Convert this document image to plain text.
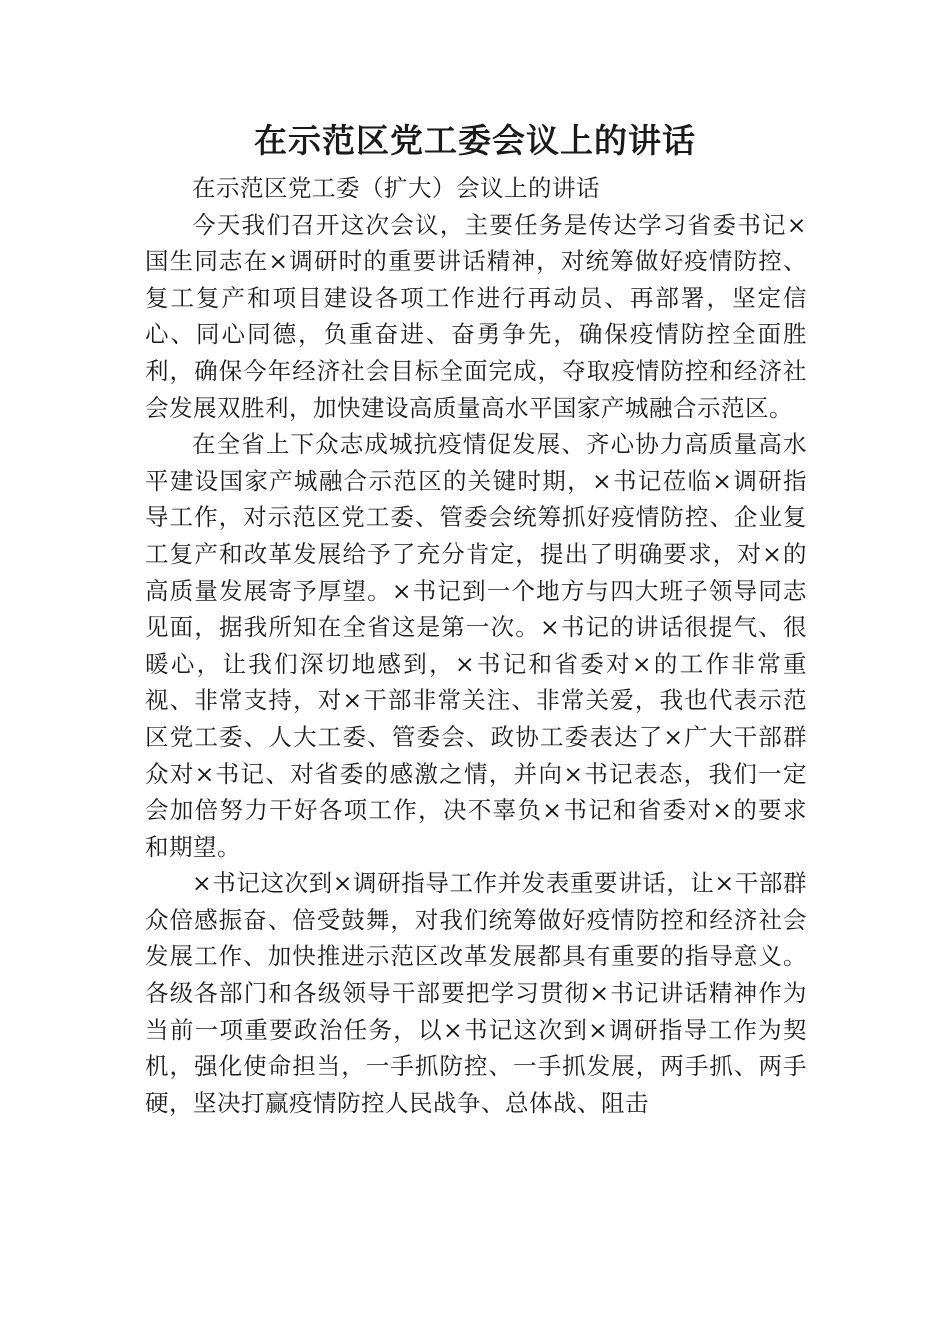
在示范区党工委会议上的讲话

在示范区党工委（扩大）会议上的讲话

今天我们召开这次会议，主要任务是传达学习省委书记×国生同志在×调研时的重要讲话精神，对统筹做好疫情防控、复工复产和项目建设各项工作进行再动员、再部署，坚定信心、同心同德，负重奋进、奋勇争先，确保疫情防控全面胜利，确保今年经济社会目标全面完成，夺取疫情防控和经济社会发展双胜利，加快建设高质量高水平国家产城融合示范区。

在全省上下众志成城抗疫情促发展、齐心协力高质量高水平建设国家产城融合示范区的关键时期，×书记莅临×调研指导工作，对示范区党工委、管委会统筹抓好疫情防控、企业复工复产和改革发展给予了充分肯定，提出了明确要求，对×的高质量发展寄予厚望。×书记到一个地方与四大班子领导同志见面，据我所知在全省这是第一次。×书记的讲话很提气、很暖心，让我们深切地感到，×书记和省委对×的工作非常重视、非常支持，对×干部非常关注、非常关爱，我也代表示范区党工委、人大工委、管委会、政协工委表达了×广大干部群众对×书记、对省委的感激之情，并向×书记表态，我们一定会加倍努力干好各项工作，决不辜负×书记和省委对×的要求和期望。

×书记这次到×调研指导工作并发表重要讲话，让×干部群众倍感振奋、倍受鼓舞，对我们统筹做好疫情防控和经济社会发展工作、加快推进示范区改革发展都具有重要的指导意义。各级各部门和各级领导干部要把学习贯彻×书记讲话精神作为当前一项重要政治任务，以×书记这次到×调研指导工作为契机，强化使命担当，一手抓防控、一手抓发展，两手抓、两手硬，坚决打赢疫情防控人民战争、总体战、阻击
